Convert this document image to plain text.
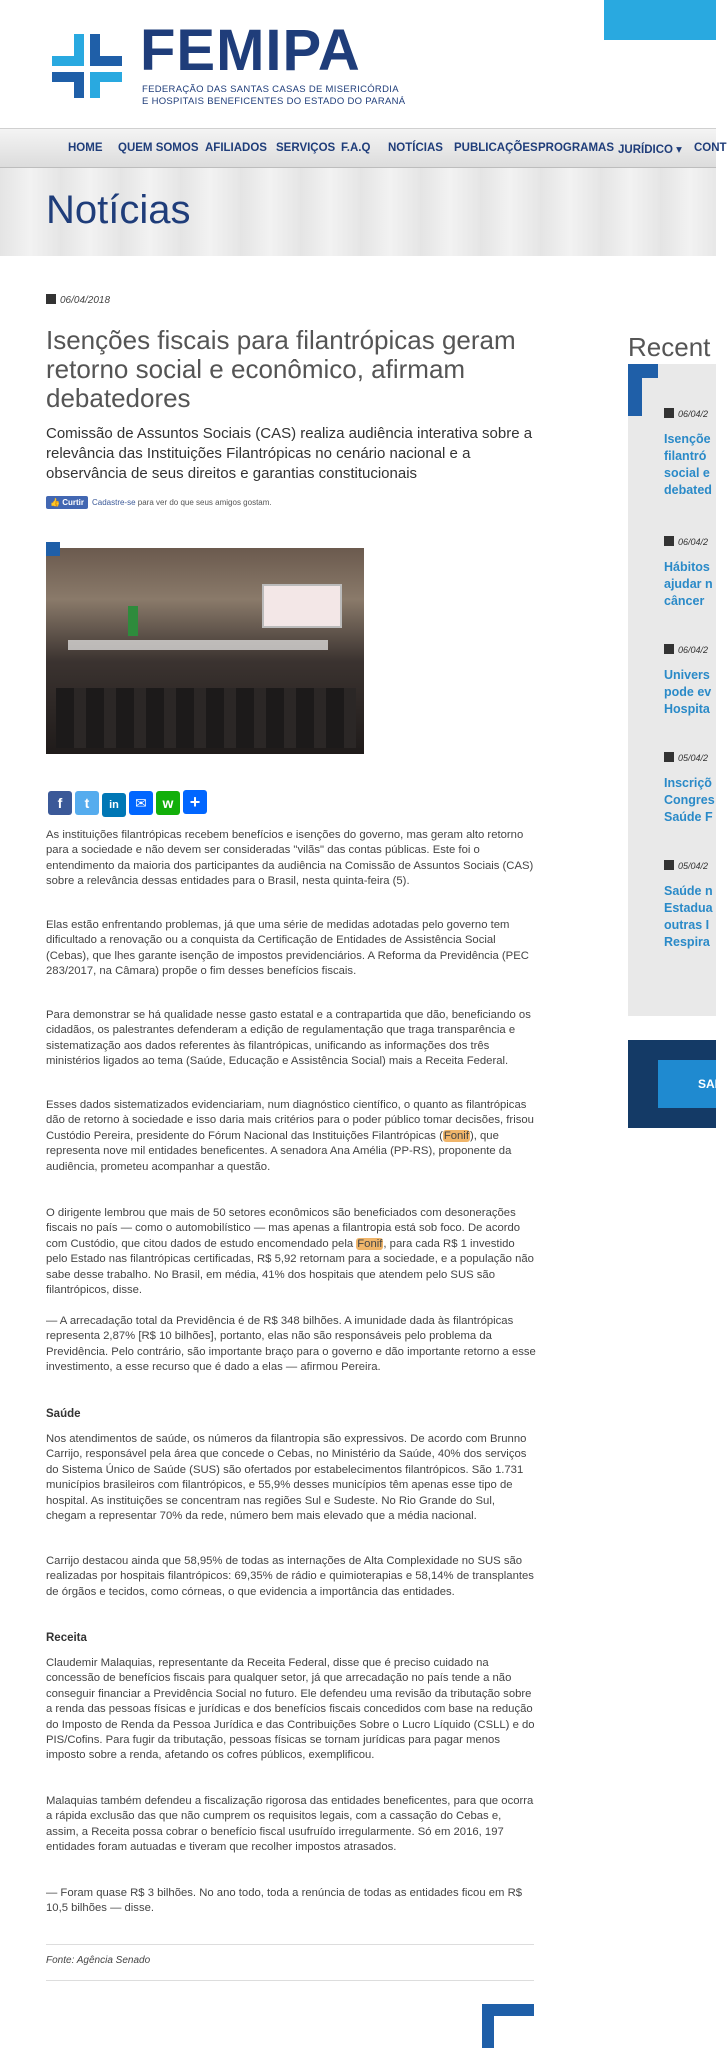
FEMIPA
FEDERAÇÃO DAS SANTAS CASAS DE MISERICÓRDIA
E HOSPITAIS BENEFICENTES DO ESTADO DO PARANÁ
HOME QUEM SOMOS AFILIADOS SERVIÇOS F.A.Q NOTÍCIAS PUBLICAÇÕES PROGRAMAS JURÍDICO ▾ CONT
Notícias
06/04/2018
Isenções fiscais para filantrópicas geram retorno social e econômico, afirmam debatedores
Comissão de Assuntos Sociais (CAS) realiza audiência interativa sobre a relevância das Instituições Filantrópicas no cenário nacional e a observância de seus direitos e garantias constitucionais
👍 Curtir Cadastre-se para ver do que seus amigos gostam.
f t in ✉ w +
As instituições filantrópicas recebem benefícios e isenções do governo, mas geram alto retorno para a sociedade e não devem ser consideradas "vilãs" das contas públicas. Este foi o entendimento da maioria dos participantes da audiência na Comissão de Assuntos Sociais (CAS) sobre a relevância dessas entidades para o Brasil, nesta quinta-feira (5).
Elas estão enfrentando problemas, já que uma série de medidas adotadas pelo governo tem dificultado a renovação ou a conquista da Certificação de Entidades de Assistência Social (Cebas), que lhes garante isenção de impostos previdenciários. A Reforma da Previdência (PEC 283/2017, na Câmara) propõe o fim desses benefícios fiscais.
Para demonstrar se há qualidade nesse gasto estatal e a contrapartida que dão, beneficiando os cidadãos, os palestrantes defenderam a edição de regulamentação que traga transparência e sistematização aos dados referentes às filantrópicas, unificando as informações dos três ministérios ligados ao tema (Saúde, Educação e Assistência Social) mais a Receita Federal.
Esses dados sistematizados evidenciariam, num diagnóstico científico, o quanto as filantrópicas dão de retorno à sociedade e isso daria mais critérios para o poder público tomar decisões, frisou Custódio Pereira, presidente do Fórum Nacional das Instituições Filantrópicas (Fonif), que representa nove mil entidades beneficentes. A senadora Ana Amélia (PP-RS), proponente da audiência, prometeu acompanhar a questão.
O dirigente lembrou que mais de 50 setores econômicos são beneficiados com desonerações fiscais no país — como o automobilístico — mas apenas a filantropia está sob foco. De acordo com Custódio, que citou dados de estudo encomendado pela Fonif, para cada R$ 1 investido pelo Estado nas filantrópicas certificadas, R$ 5,92 retornam para a sociedade, e a população não sabe desse trabalho. No Brasil, em média, 41% dos hospitais que atendem pelo SUS são filantrópicos, disse.
— A arrecadação total da Previdência é de R$ 348 bilhões. A imunidade dada às filantrópicas representa 2,87% [R$ 10 bilhões], portanto, elas não são responsáveis pelo problema da Previdência. Pelo contrário, são importante braço para o governo e dão importante retorno a esse investimento, a esse recurso que é dado a elas — afirmou Pereira.
Saúde
Nos atendimentos de saúde, os números da filantropia são expressivos. De acordo com Brunno Carrijo, responsável pela área que concede o Cebas, no Ministério da Saúde, 40% dos serviços do Sistema Único de Saúde (SUS) são ofertados por estabelecimentos filantrópicos. São 1.731 municípios brasileiros com filantrópicos, e 55,9% desses municípios têm apenas esse tipo de hospital. As instituições se concentram nas regiões Sul e Sudeste. No Rio Grande do Sul, chegam a representar 70% da rede, número bem mais elevado que a média nacional.
Carrijo destacou ainda que 58,95% de todas as internações de Alta Complexidade no SUS são realizadas por hospitais filantrópicos: 69,35% de rádio e quimioterapias e 58,14% de transplantes de órgãos e tecidos, como córneas, o que evidencia a importância das entidades.
Receita
Claudemir Malaquias, representante da Receita Federal, disse que é preciso cuidado na concessão de benefícios fiscais para qualquer setor, já que arrecadação no país tende a não conseguir financiar a Previdência Social no futuro. Ele defendeu uma revisão da tributação sobre a renda das pessoas físicas e jurídicas e dos benefícios fiscais concedidos com base na redução do Imposto de Renda da Pessoa Jurídica e das Contribuições Sobre o Lucro Líquido (CSLL) e do PIS/Cofins. Para fugir da tributação, pessoas físicas se tornam jurídicas para pagar menos imposto sobre a renda, afetando os cofres públicos, exemplificou.
Malaquias também defendeu a fiscalização rigorosa das entidades beneficentes, para que ocorra a rápida exclusão das que não cumprem os requisitos legais, com a cassação do Cebas e, assim, a Receita possa cobrar o benefício fiscal usufruído irregularmente. Só em 2016, 197 entidades foram autuadas e tiveram que recolher impostos atrasados.
— Foram quase R$ 3 bilhões. No ano todo, toda a renúncia de todas as entidades ficou em R$ 10,5 bilhões — disse.
Fonte: Agência Senado
Recent
06/04/2
Isençõe
filantró
social e
debated
06/04/2
Hábitos
ajudar n
câncer
06/04/2
Univers
pode ev
Hospita
05/04/2
Inscriçõ
Congres
Saúde F
05/04/2
Saúde n
Estadua
outras I
Respira
SAI
